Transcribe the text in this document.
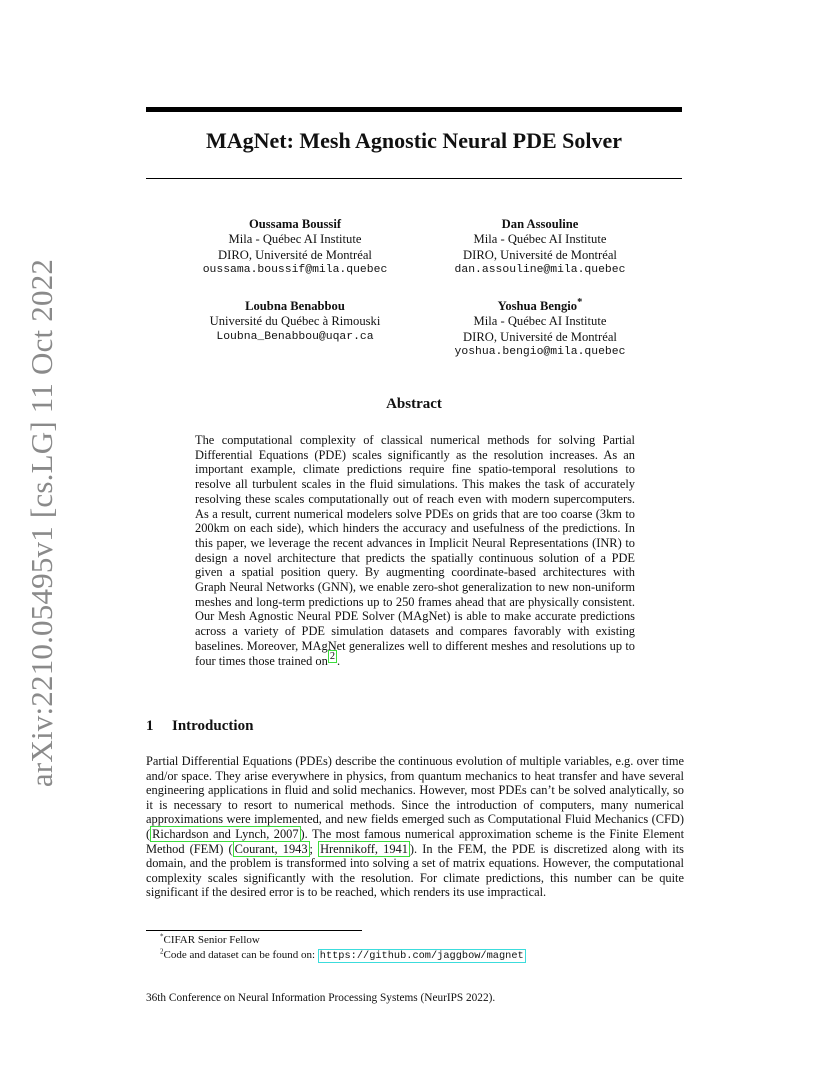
arXiv:2210.05495v1 [cs.LG] 11 Oct 2022
MAgNet: Mesh Agnostic Neural PDE Solver
Oussama Boussif
Mila - Québec AI Institute
DIRO, Université de Montréal
oussama.boussif@mila.quebec
Dan Assouline
Mila - Québec AI Institute
DIRO, Université de Montréal
dan.assouline@mila.quebec
Loubna Benabbou
Université du Québec à Rimouski
Loubna_Benabbou@uqar.ca
Yoshua Bengio*
Mila - Québec AI Institute
DIRO, Université de Montréal
yoshua.bengio@mila.quebec
Abstract

The computational complexity of classical numerical methods for solving Partial Differential Equations (PDE) scales significantly as the resolution increases. As an important example, climate predictions require fine spatio-temporal resolutions to resolve all turbulent scales in the fluid simulations. This makes the task of accurately resolving these scales computationally out of reach even with modern supercomputers. As a result, current numerical modelers solve PDEs on grids that are too coarse (3km to 200km on each side), which hinders the accuracy and usefulness of the predictions. In this paper, we leverage the recent advances in Implicit Neural Representations (INR) to design a novel architecture that predicts the spatially continuous solution of a PDE given a spatial position query. By augmenting coordinate-based architectures with Graph Neural Networks (GNN), we enable zero-shot generalization to new non-uniform meshes and long-term predictions up to 250 frames ahead that are physically consistent. Our Mesh Agnostic Neural PDE Solver (MAgNet) is able to make accurate predictions across a variety of PDE simulation datasets and compares favorably with existing baselines. Moreover, MAgNet generalizes well to different meshes and resolutions up to four times those trained on $^2$ .

1 Introduction

Partial Differential Equations (PDEs) describe the continuous evolution of multiple variables, e.g. over time and/or space. They arise everywhere in physics, from quantum mechanics to heat transfer and have several engineering applications in fluid and solid mechanics. However, most PDEs can’t be solved analytically, so it is necessary to resort to numerical methods. Since the introduction of computers, many numerical approximations were implemented, and new fields emerged such as Computational Fluid Mechanics (CFD) ( Richardson and Lynch, 2007 ). The most famous numerical approximation scheme is the Finite Element Method (FEM) ( Courant, 1943 ; Hrennikoff, 1941 ). In the FEM, the PDE is discretized along with its domain, and the problem is transformed into solving a set of matrix equations. However, the computational complexity scales significantly with the resolution. For climate predictions, this number can be quite significant if the desired error is to be reached, which renders its use impractical.

*CIFAR Senior Fellow
$^2$Code and dataset can be found on: https://github.com/jaggbow/magnet
36th Conference on Neural Information Processing Systems (NeurIPS 2022).
